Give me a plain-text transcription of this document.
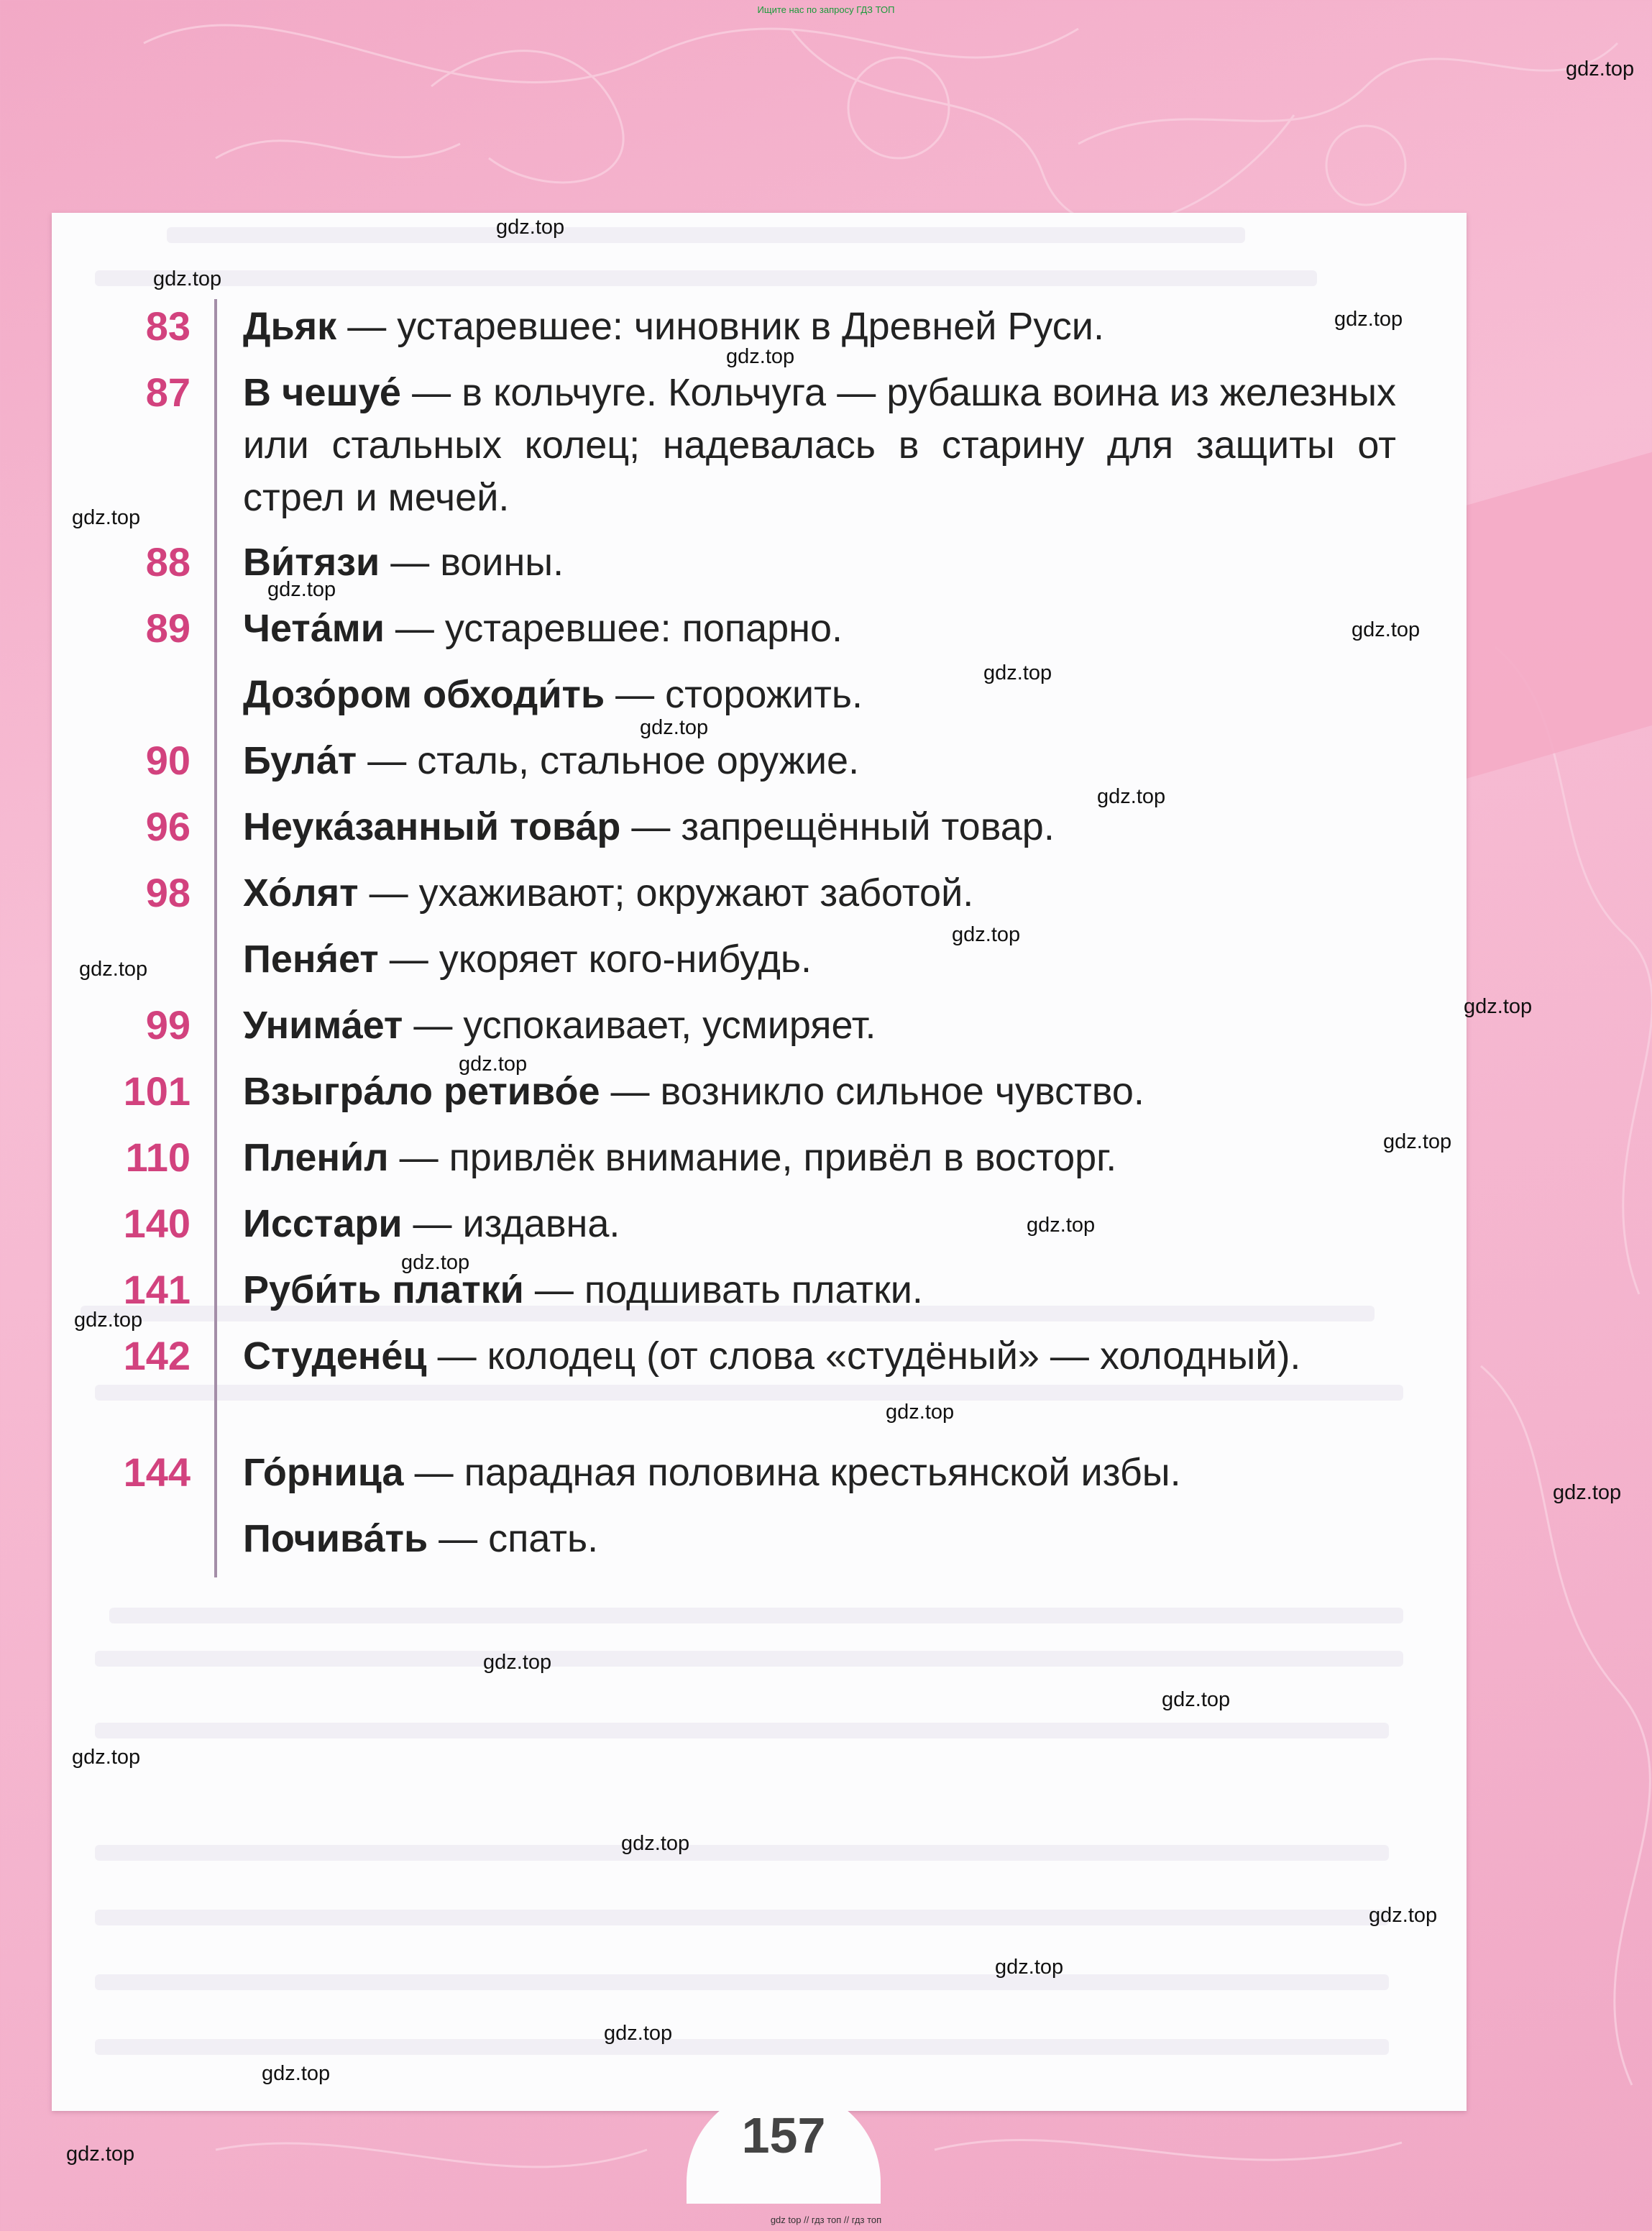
Ищите нас по запросу ГДЗ ТОП
83 Дьяк — устаревшее: чиновник в Древней Руси.
87 В чешуе́ — в кольчуге. Кольчуга — рубашка воина из железных или стальных колец; надевалась в старину для защиты от стрел и мечей.
88 Ви́тязи — воины.
89 Чета́ми — устаревшее: попарно.
Дозо́ром обходи́ть — сторожить.
90 Була́т — сталь, стальное оружие.
96 Неука́занный това́р — запрещённый товар.
98 Хо́лят — ухаживают; окружают заботой.
Пеня́ет — укоряет кого-нибудь.
99 Унима́ет — успокаивает, усмиряет.
101 Взыгра́ло ретиво́е — возникло сильное чувство.
110 Плени́л — привлёк внимание, привёл в восторг.
140 Исстари — издавна.
141 Руби́ть платки́ — подшивать платки.
142 Студене́ц — колодец (от слова «студёный» — холодный).
144 Го́рница — парадная половина крестьянской избы.
Почива́ть — спать.
157
gdz.top
gdz.top
gdz.top
gdz.top
gdz.top
gdz.top
gdz.top
gdz.top
gdz.top
gdz.top
gdz.top
gdz.top
gdz.top
gdz.top
gdz.top
gdz.top
gdz.top
gdz.top
gdz.top
gdz.top
gdz.top
gdz.top
gdz.top
gdz.top
gdz.top
gdz.top
gdz.top
gdz.top
gdz.top
gdz.top
gdz top // гдз топ // гдз топ
